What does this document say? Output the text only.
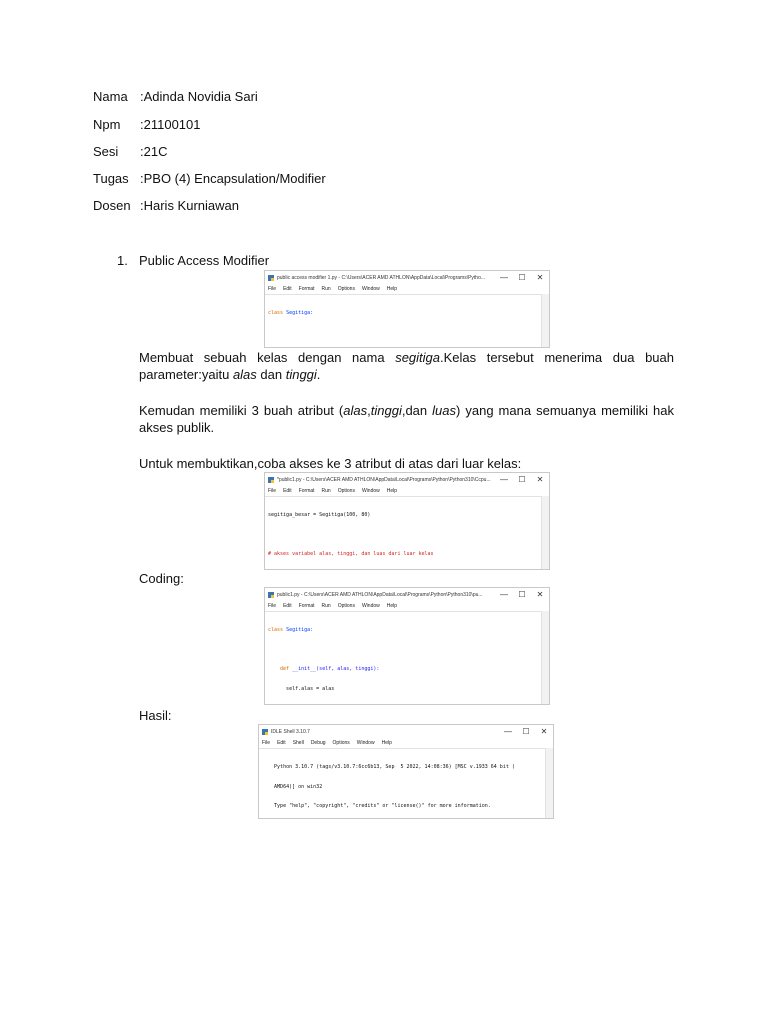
Nama :Adinda Novidia Sari
Npm :21100101
Sesi :21C
Tugas :PBO (4) Encapsulation/Modifier
Dosen :Haris Kurniawan
1. Public Access Modifier
public access modifier 1.py - C:\Users\ACER AMD ATHLON\AppData\Local\Programs\Pytho...	—	☐	✕
File Edit Format Run Options Window Help

class Segitiga:

Membuat sebuah kelas dengan nama segitiga.Kelas tersebut menerima dua buah parameter:yaitu alas dan tinggi.
Kemudan memiliki 3 buah atribut (alas,tinggi,dan luas) yang mana semuanya memiliki hak akses publik.
Untuk membuktikan,coba akses ke 3 atribut di atas dari luar kelas:
*public1.py - C:\Users\ACER AMD ATHLON\AppData\Local\Programs\Python\Python310\Ccpu...	—	☐	✕
File Edit Format Run Options Window Help

segitiga_besar = Segitiga(100, 80)

# akses variabel alas, tinggi, dan luas dari luar kelas

Coding:
public1.py - C:\Users\ACER AMD ATHLON\AppData\Local\Programs\Python\Python310\pu...	—	☐	✕
File Edit Format Run Options Window Help

class Segitiga:

def __init__(self, alas, tinggi):

self.alas = alas

Hasil:
IDLE Shell 3.10.7	—	☐	✕
File Edit Shell Debug Options Window Help

Python 3.10.7 (tags/v3.10.7:6cc6b13, Sep  5 2022, 14:08:36) [MSC v.1933 64 bit (

AMD64)] on win32

Type "help", "copyright", "credits" or "license()" for more information.
